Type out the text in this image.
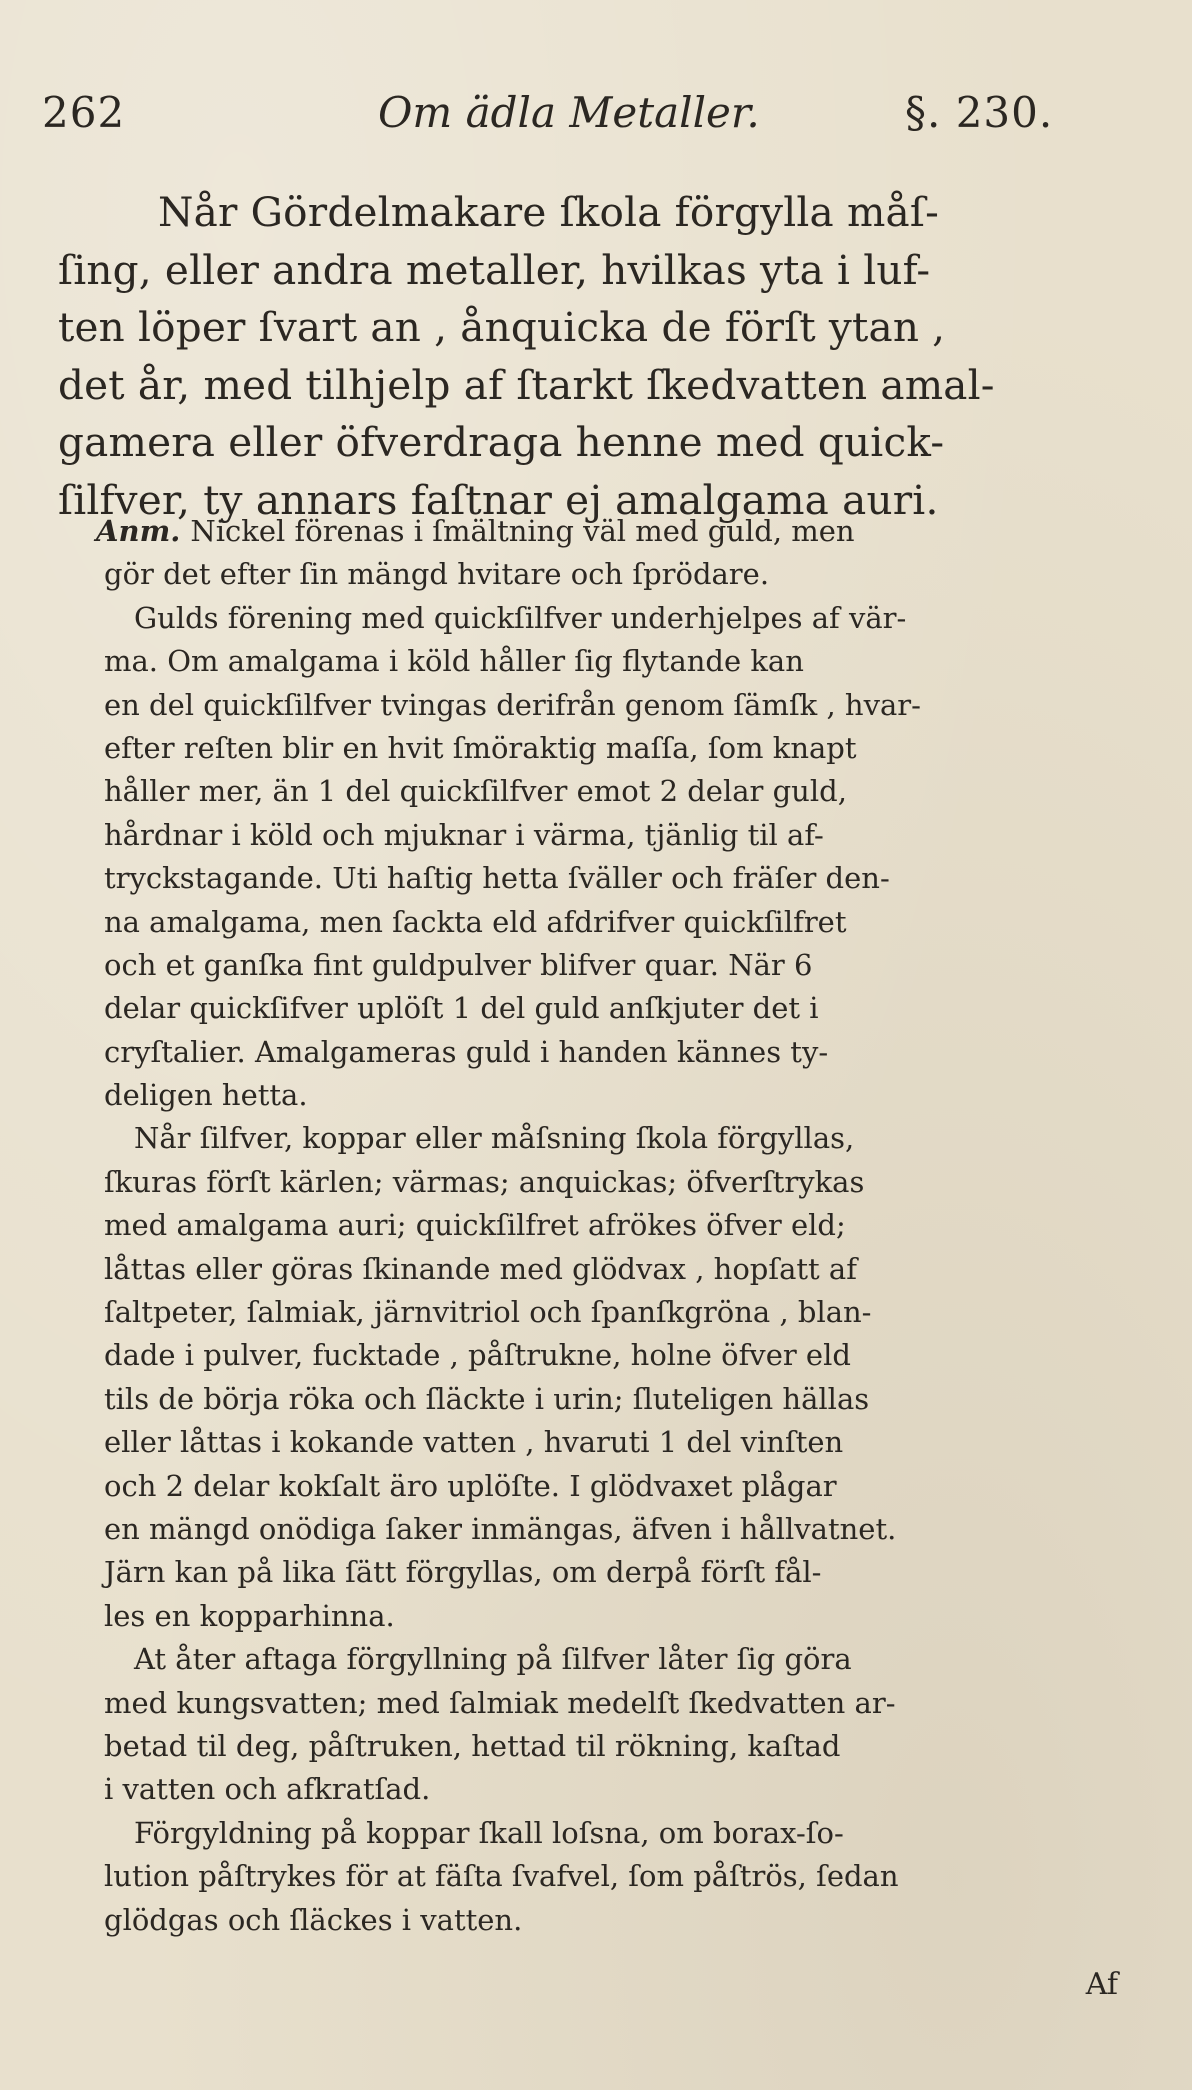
262	Om ädla Metaller.	§. 230.
Når Gördelmakare ſkola förgylla måſ-
ſing, eller andra metaller, hvilkas yta i luf-
ten löper ſvart an , ånquicka de förſt ytan ,
det år, med tilhjelp af ſtarkt ſkedvatten amal-
gamera eller öfverdraga henne med quick-
ſilfver, ty annars faſtnar ej amalgama auri.
Anm. Nickel förenas i ſmältning väl med guld, men
gör det efter ſin mängd hvitare och ſprödare.
Gulds förening med quickſilfver underhjelpes af vär-
ma. Om amalgama i köld håller ſig flytande kan
en del quickſilfver tvingas derifrån genom ſämſk , hvar-
efter reſten blir en hvit ſmöraktig maſſa, ſom knapt
håller mer, än 1 del quickſilfver emot 2 delar guld,
hårdnar i köld och mjuknar i värma, tjänlig til af-
tryckstagande. Uti haſtig hetta ſväller och fräſer den-
na amalgama, men ſackta eld afdrifver quickſilfret
och et ganſka fint guldpulver blifver quar. När 6
delar quickſifver uplöſt 1 del guld anſkjuter det i
cryſtalier. Amalgameras guld i handen kännes ty-
deligen hetta.
Når ſilfver, koppar eller måſsning ſkola förgyllas,
ſkuras förſt kärlen; värmas; anquickas; öfverſtrykas
med amalgama auri; quickſilfret afrökes öfver eld;
låttas eller göras ſkinande med glödvax , hopſatt af
ſaltpeter, ſalmiak, järnvitriol och ſpanſkgröna , blan-
dade i pulver, fucktade , påſtrukne, holne öfver eld
tils de börja röka och ſläckte i urin; ſluteligen hällas
eller låttas i kokande vatten , hvaruti 1 del vinſten
och 2 delar kokſalt äro uplöſte. I glödvaxet plågar
en mängd onödiga ſaker inmängas, äfven i hållvatnet.
Järn kan på lika ſätt förgyllas, om derpå förſt fål-
les en kopparhinna.
At åter aftaga förgyllning på ſilfver låter ſig göra
med kungsvatten; med ſalmiak medelſt ſkedvatten ar-
betad til deg, påſtruken, hettad til rökning, kaſtad
i vatten och afkratſad.
Förgyldning på koppar ſkall loſsna, om borax-ſo-
lution påſtrykes för at fäſta ſvafvel, ſom påſtrös, ſedan
glödgas och ſläckes i vatten.
Af
